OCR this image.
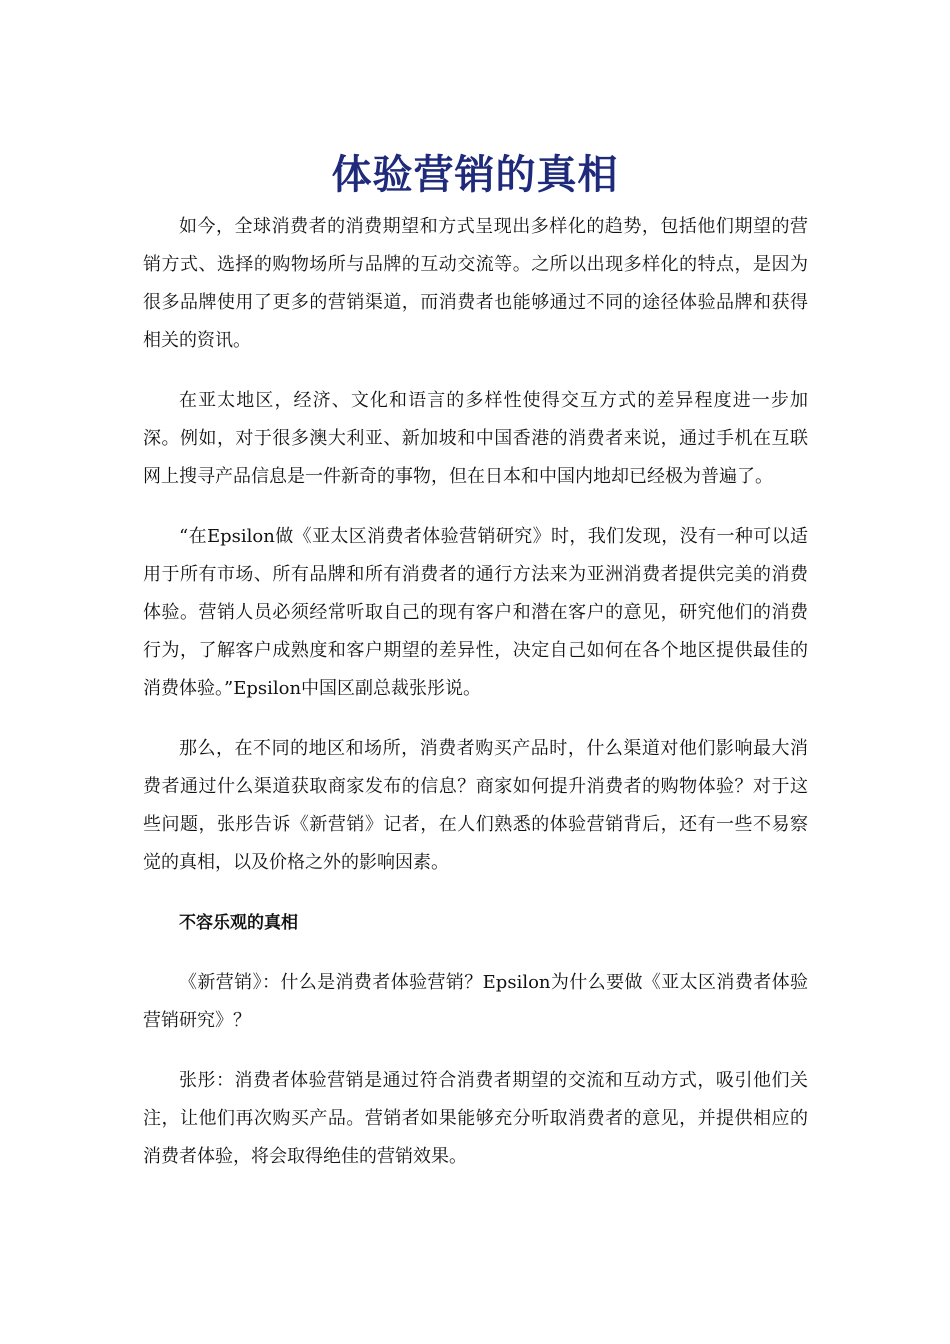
体验营销的真相

如今，全球消费者的消费期望和方式呈现出多样化的趋势，包括他们期望的营销方式、选择的购物场所与品牌的互动交流等。之所以出现多样化的特点，是因为很多品牌使用了更多的营销渠道，而消费者也能够通过不同的途径体验品牌和获得相关的资讯。

在亚太地区，经济、文化和语言的多样性使得交互方式的差异程度进一步加深。例如，对于很多澳大利亚、新加坡和中国香港的消费者来说，通过手机在互联网上搜寻产品信息是一件新奇的事物，但在日本和中国内地却已经极为普遍了。

“在Epsilon做《亚太区消费者体验营销研究》时，我们发现，没有一种可以适用于所有市场、所有品牌和所有消费者的通行方法来为亚洲消费者提供完美的消费体验。营销人员必须经常听取自己的现有客户和潜在客户的意见，研究他们的消费行为，了解客户成熟度和客户期望的差异性，决定自己如何在各个地区提供最佳的消费体验。”Epsilon中国区副总裁张彤说。

那么，在不同的地区和场所，消费者购买产品时，什么渠道对他们影响最大消费者通过什么渠道获取商家发布的信息？商家如何提升消费者的购物体验？对于这些问题，张彤告诉《新营销》记者，在人们熟悉的体验营销背后，还有一些不易察觉的真相，以及价格之外的影响因素。

不容乐观的真相

《新营销》：什么是消费者体验营销？Epsilon为什么要做《亚太区消费者体验营销研究》？

张彤：消费者体验营销是通过符合消费者期望的交流和互动方式，吸引他们关注，让他们再次购买产品。营销者如果能够充分听取消费者的意见，并提供相应的消费者体验，将会取得绝佳的营销效果。
